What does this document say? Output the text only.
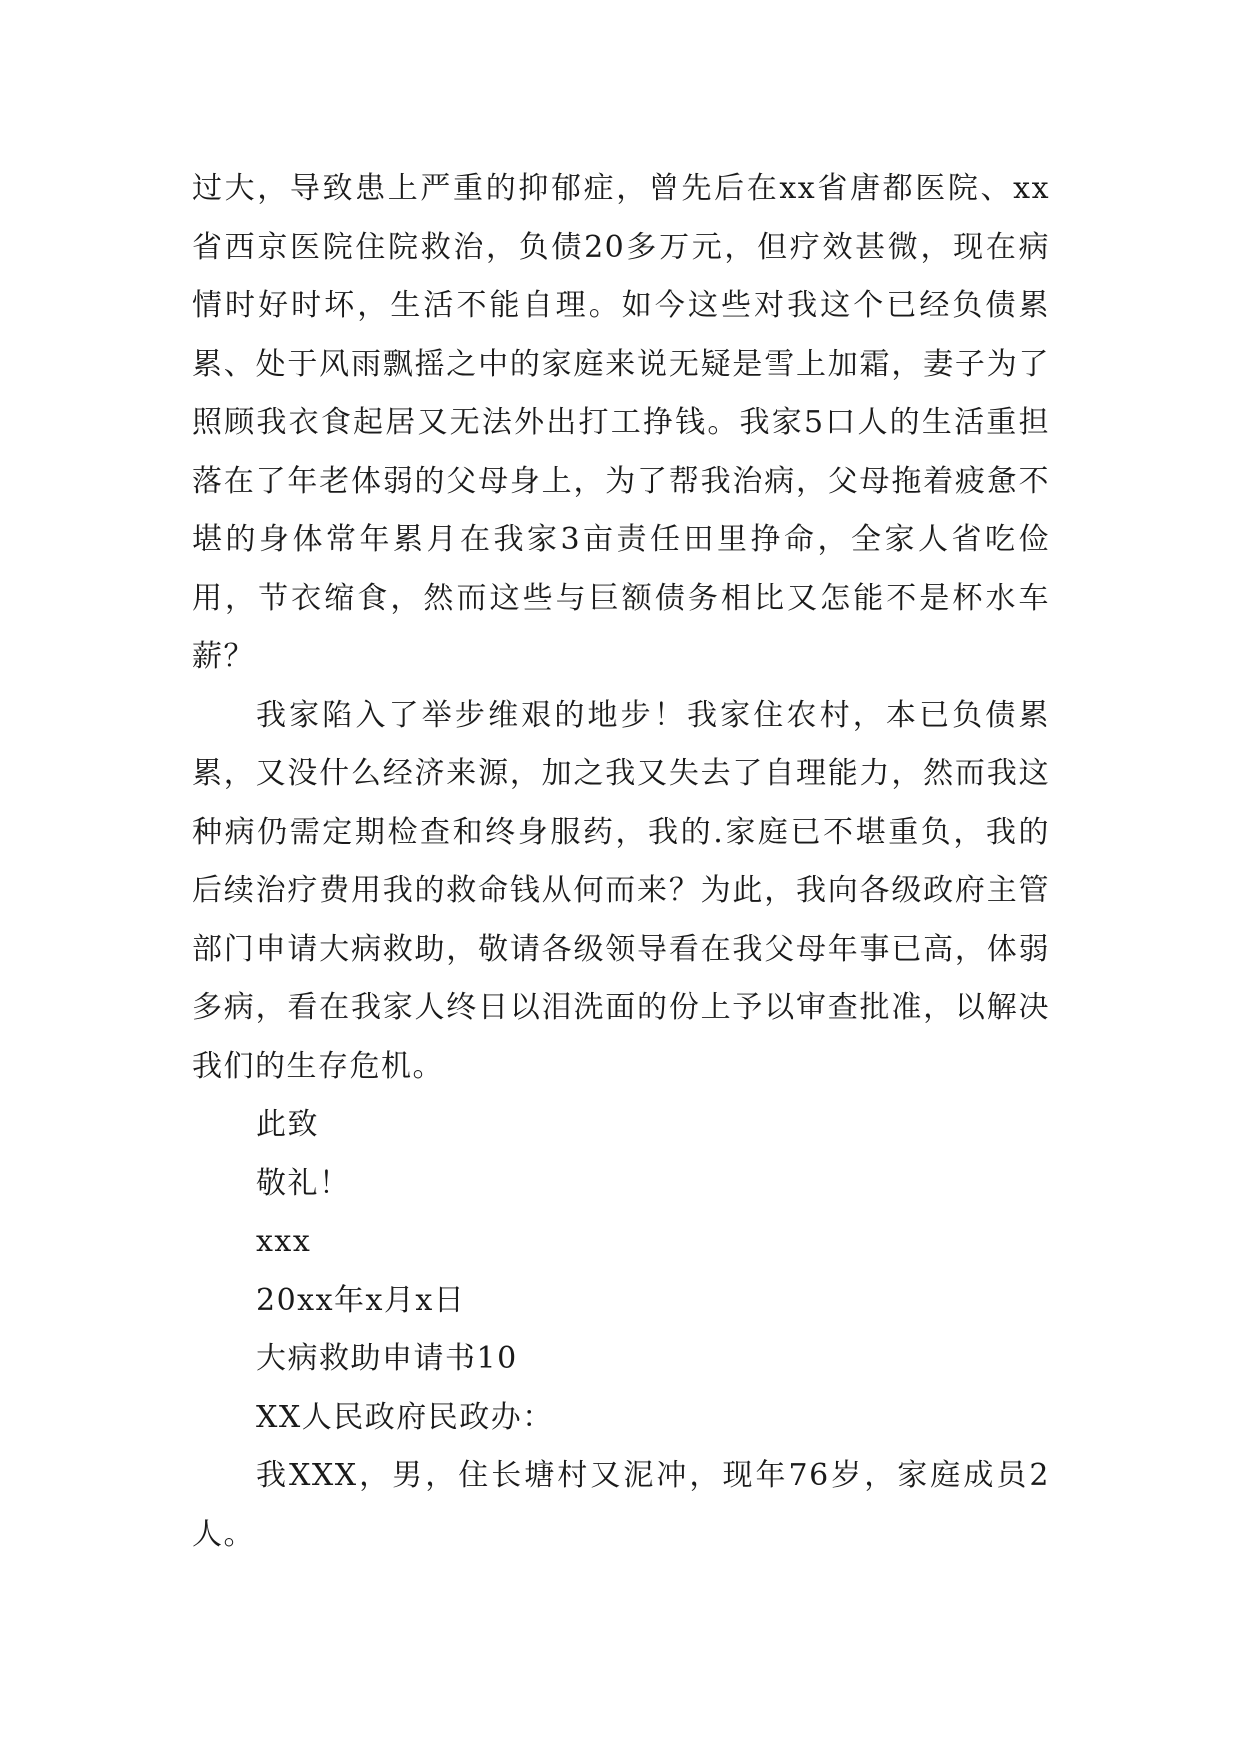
过大，导致患上严重的抑郁症，曾先后在xx省唐都医院、xx省西京医院住院救治，负债20多万元，但疗效甚微，现在病情时好时坏，生活不能自理。如今这些对我这个已经负债累累、处于风雨飘摇之中的家庭来说无疑是雪上加霜，妻子为了照顾我衣食起居又无法外出打工挣钱。我家5口人的生活重担落在了年老体弱的父母身上，为了帮我治病，父母拖着疲惫不堪的身体常年累月在我家3亩责任田里挣命，全家人省吃俭用，节衣缩食，然而这些与巨额债务相比又怎能不是杯水车薪？

我家陷入了举步维艰的地步！我家住农村，本已负债累累，又没什么经济来源，加之我又失去了自理能力，然而我这种病仍需定期检查和终身服药，我的.家庭已不堪重负，我的后续治疗费用我的救命钱从何而来？为此，我向各级政府主管部门申请大病救助，敬请各级领导看在我父母年事已高，体弱多病，看在我家人终日以泪洗面的份上予以审查批准，以解决我们的生存危机。

此致

敬礼！

xxx

20xx年x月x日

大病救助申请书10

XX人民政府民政办：

我XXX，男，住长塘村又泥冲，现年76岁，家庭成员2人。
